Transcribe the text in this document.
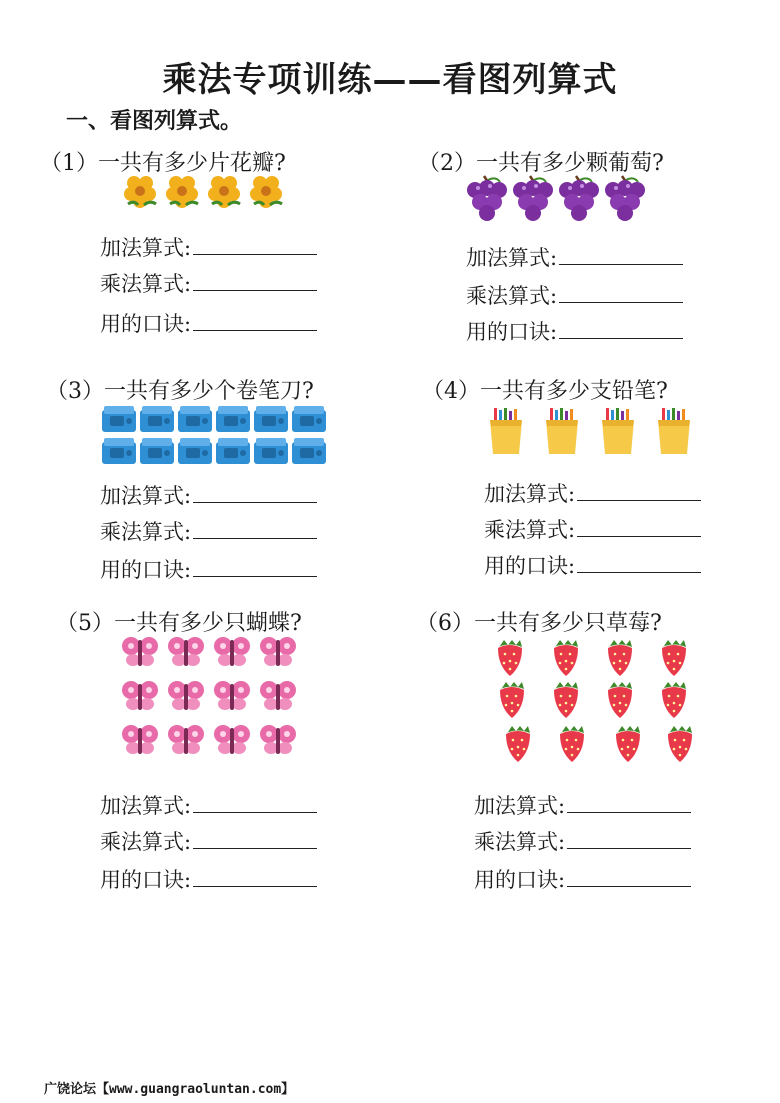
乘法专项训练——看图列算式
一、看图列算式。
（1）一共有多少片花瓣?
加法算式:
乘法算式:
用的口诀:
（2）一共有多少颗葡萄?
加法算式:
乘法算式:
用的口诀:
（3）一共有多少个卷笔刀?
加法算式:
乘法算式:
用的口诀:
（4）一共有多少支铅笔?
加法算式:
乘法算式:
用的口诀:
（5）一共有多少只蝴蝶?
加法算式:
乘法算式:
用的口诀:
（6）一共有多少只草莓?
加法算式:
乘法算式:
用的口诀:
广饶论坛【www.guangraoluntan.com】
